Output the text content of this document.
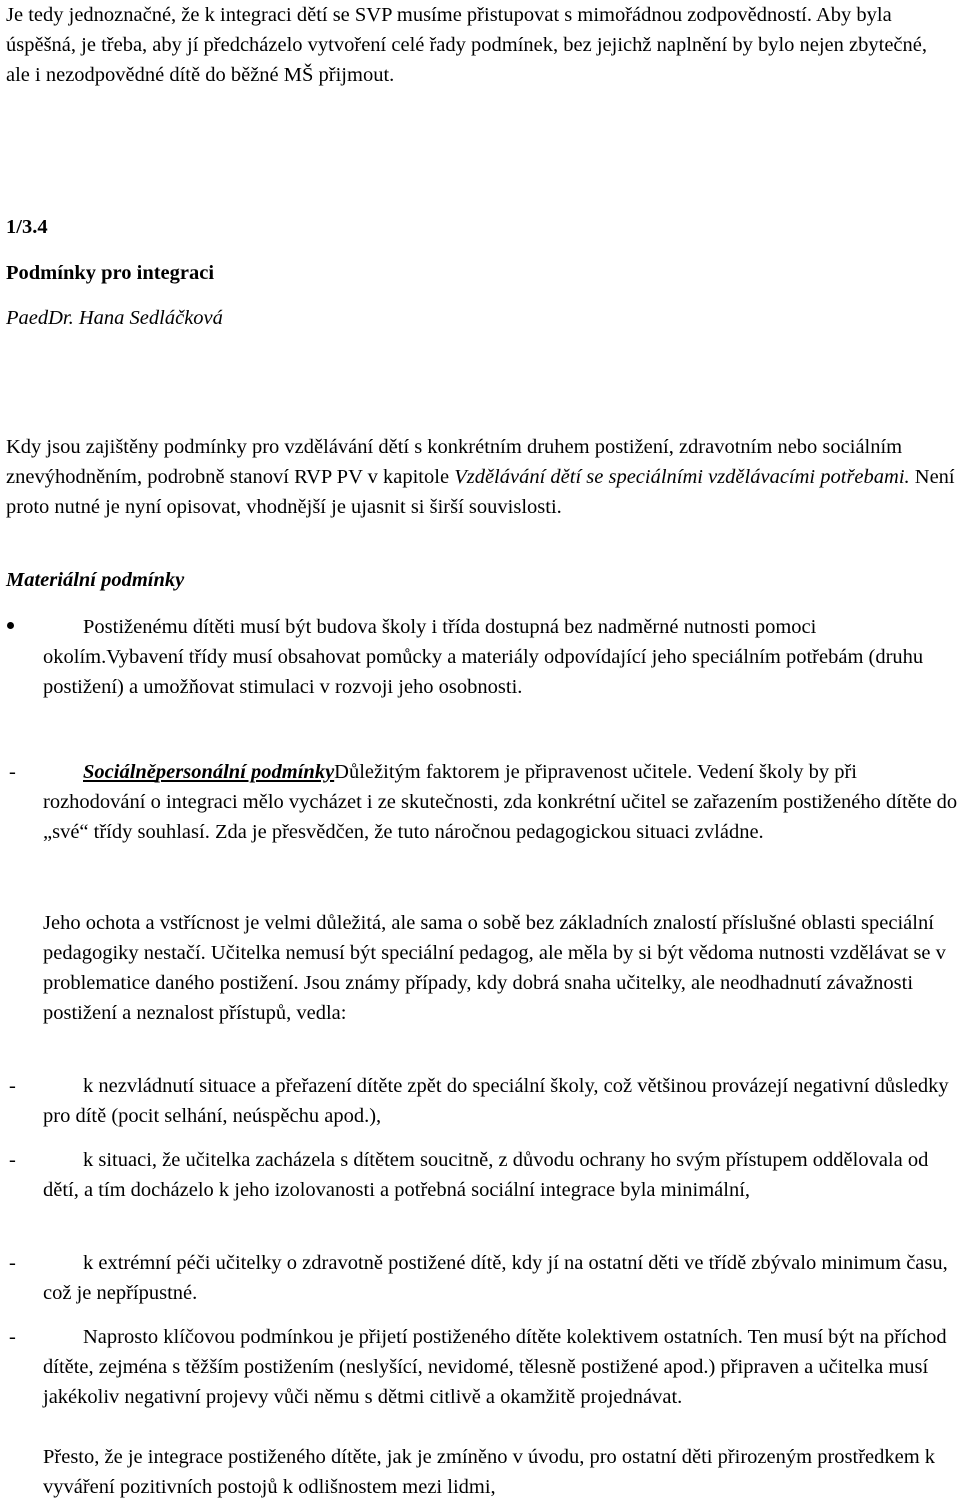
Je tedy jednoznačné, že k integraci dětí se SVP musíme přistupovat s mimořádnou zodpovědností. Aby byla úspěšná, je třeba, aby jí předcházelo vytvoření celé řady podmínek, bez jejichž naplnění by bylo nejen zbytečné, ale i nezodpovědné dítě do běžné MŠ přijmout.

1/3.4
Podmínky pro integraci
PaedDr. Hana Sedláčková

Kdy jsou zajištěny podmínky pro vzdělávání dětí s konkrétním druhem postižení, zdravotním nebo sociálním znevýhodněním, podrobně stanoví RVP PV v kapitole Vzdělávání dětí se speciálními vzdělávacími potřebami. Není proto nutné je nyní opisovat, vhodnější je ujasnit si širší souvislosti.

Materiální podmínky

Postiženému dítěti musí být budova školy i třída dostupná bez nadměrné nutnosti pomoci okolím.Vybavení třídy musí obsahovat pomůcky a materiály odpovídající jeho speciálním potřebám (druhu postižení) a umožňovat stimulaci v rozvoji jeho osobnosti.

-	Sociálněpersonální podmínkyDůležitým faktorem je připravenost učitele. Vedení školy by při rozhodování o integraci mělo vycházet i ze skutečnosti, zda konkrétní učitel se zařazením postiženého dítěte do „své“ třídy souhlasí. Zda je přesvědčen, že tuto náročnou pedagogickou situaci zvládne.

Jeho ochota a vstřícnost je velmi důležitá, ale sama o sobě bez základních znalostí příslušné oblasti speciální pedagogiky nestačí. Učitelka nemusí být speciální pedagog, ale měla by si být vědoma nutnosti vzdělávat se v problematice daného postižení. Jsou známy případy, kdy dobrá snaha učitelky, ale neodhadnutí závažnosti postižení a neznalost přístupů, vedla:

-	k nezvládnutí situace a přeřazení dítěte zpět do speciální školy, což většinou provázejí negativní důsledky pro dítě (pocit selhání, neúspěchu apod.),

-	k situaci, že učitelka zacházela s dítětem soucitně, z důvodu ochrany ho svým přístupem oddělovala od dětí, a tím docházelo k jeho izolovanosti a potřebná sociální integrace byla minimální,

-	k extrémní péči učitelky o zdravotně postižené dítě, kdy jí na ostatní děti ve třídě zbývalo minimum času, což je nepřípustné.

-	Naprosto klíčovou podmínkou je přijetí postiženého dítěte kolektivem ostatních. Ten musí být na příchod dítěte, zejména s těžším postižením (neslyšící, nevidomé, tělesně postižené apod.) připraven a učitelka musí jakékoliv negativní projevy vůči němu s dětmi citlivě a okamžitě projednávat.

Přesto, že je integrace postiženého dítěte, jak je zmíněno v úvodu, pro ostatní děti přirozeným prostředkem k vyváření pozitivních postojů k odlišnostem mezi lidmi,
